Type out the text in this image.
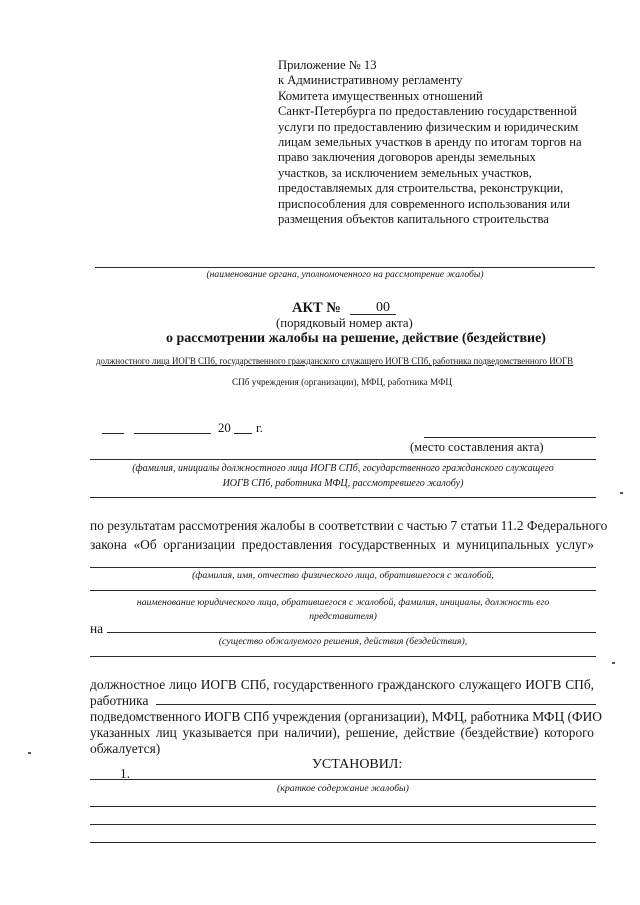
Приложение № 13
к Административному регламенту
Комитета имущественных отношений
Санкт-Петербурга по предоставлению государственной
услуги по предоставлению физическим и юридическим
лицам земельных участков в аренду по итогам торгов на
право заключения договоров аренды земельных
участков, за исключением земельных участков,
предоставляемых для строительства, реконструкции,
приспособления для современного использования или
размещения объектов капитального строительства
(наименование органа, уполномоченного на рассмотрение жалобы)
АКТ №	00
(порядковый номер акта)
о рассмотрении жалобы на решение, действие (бездействие)
должностного лица ИОГВ СПб, государственного гражданского служащего ИОГВ СПб, работника подведомственного ИОГВ
СПб учреждения (организации), МФЦ, работника МФЦ
20 г.
(место составления акта)
(фамилия, инициалы должностного лица ИОГВ СПб, государственного гражданского служащего
ИОГВ СПб, работника МФЦ, рассмотревшего жалобу)
по результатам рассмотрения жалобы в соответствии с частью 7 статьи 11.2 Федерального
закона «Об организации предоставления государственных и муниципальных услуг»
(фамилия, имя, отчество физического лица, обратившегося с жалобой,
наименование юридического лица, обратившегося с жалобой, фамилия, инициалы, должность его
представителя)
на
(существо обжалуемого решения, действия (бездействия),
должностное лицо ИОГВ СПб, государственного гражданского служащего ИОГВ СПб,
работника
подведомственного ИОГВ СПб учреждения (организации), МФЦ, работника МФЦ (ФИО
указанных лиц указывается при наличии), решение, действие (бездействие) которого
обжалуется)
УСТАНОВИЛ:
1.
(краткое содержание жалобы)
